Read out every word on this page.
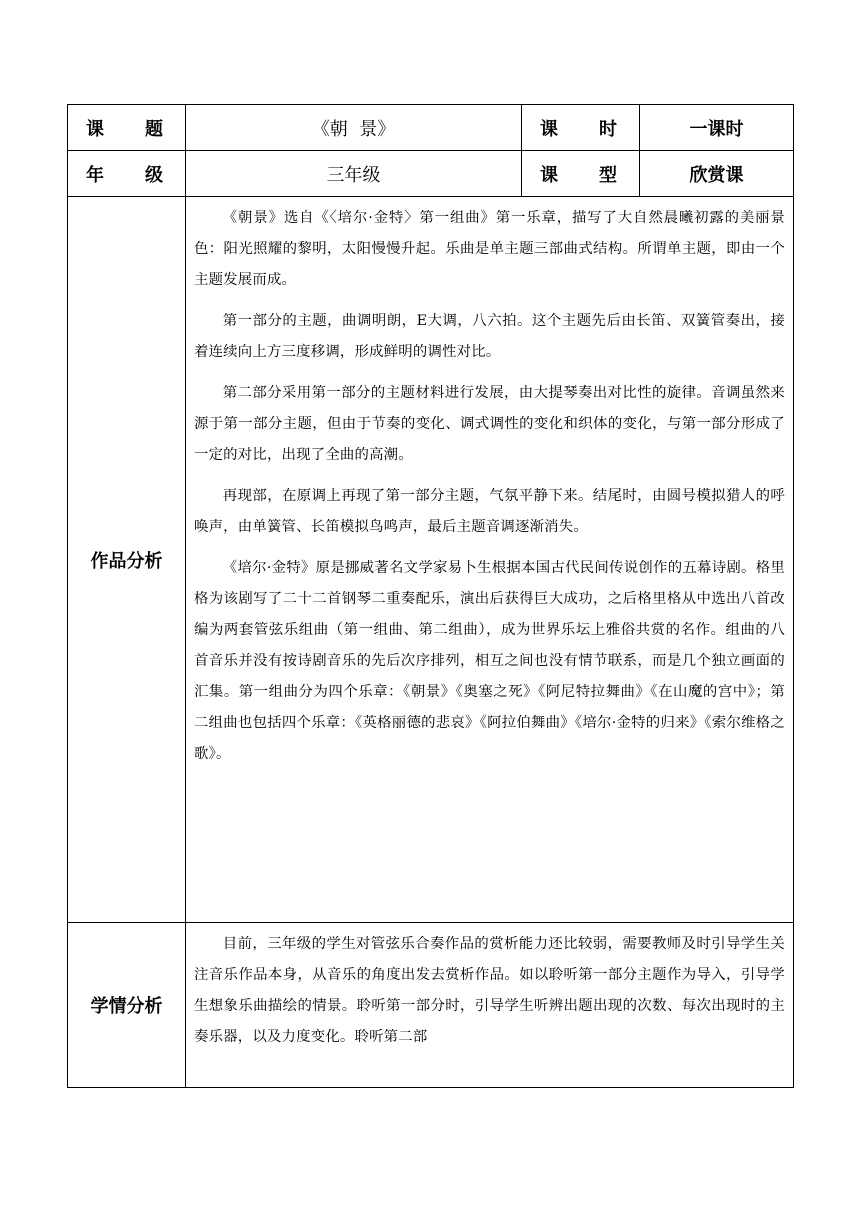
课 题	《朝  景》	课 时	一课时

年 级	三年级	课 型	欣赏课
作品分析	《朝景》选自《〈培尔·金特〉第一组曲》第一乐章，描写了大自然晨曦初露的美丽景色：阳光照耀的黎明，太阳慢慢升起。乐曲是单主题三部曲式结构。所谓单主题，即由一个主题发展而成。

第一部分的主题，曲调明朗，E大调，八六拍。这个主题先后由长笛、双簧管奏出，接着连续向上方三度移调，形成鲜明的调性对比。

第二部分采用第一部分的主题材料进行发展，由大提琴奏出对比性的旋律。音调虽然来源于第一部分主题，但由于节奏的变化、调式调性的变化和织体的变化，与第一部分形成了一定的对比，出现了全曲的高潮。

再现部，在原调上再现了第一部分主题，气氛平静下来。结尾时，由圆号模拟猎人的呼唤声，由单簧管、长笛模拟鸟鸣声，最后主题音调逐渐消失。

《培尔·金特》原是挪威著名文学家易卜生根据本国古代民间传说创作的五幕诗剧。格里格为该剧写了二十二首钢琴二重奏配乐，演出后获得巨大成功，之后格里格从中选出八首改编为两套管弦乐组曲（第一组曲、第二组曲），成为世界乐坛上雅俗共赏的名作。组曲的八首音乐并没有按诗剧音乐的先后次序排列，相互之间也没有情节联系，而是几个独立画面的汇集。第一组曲分为四个乐章：《朝景》《奥塞之死》《阿尼特拉舞曲》《在山魔的宫中》；第二组曲也包括四个乐章：《英格丽德的悲哀》《阿拉伯舞曲》《培尔·金特的归来》《索尔维格之歌》。		

学情分析	目前，三年级的学生对管弦乐合奏作品的赏析能力还比较弱，需要教师及时引导学生关注音乐作品本身，从音乐的角度出发去赏析作品。如以聆听第一部分主题作为导入，引导学生想象乐曲描绘的情景。聆听第一部分时，引导学生听辨出题出现的次数、每次出现时的主奏乐器，以及力度变化。聆听第二部		
